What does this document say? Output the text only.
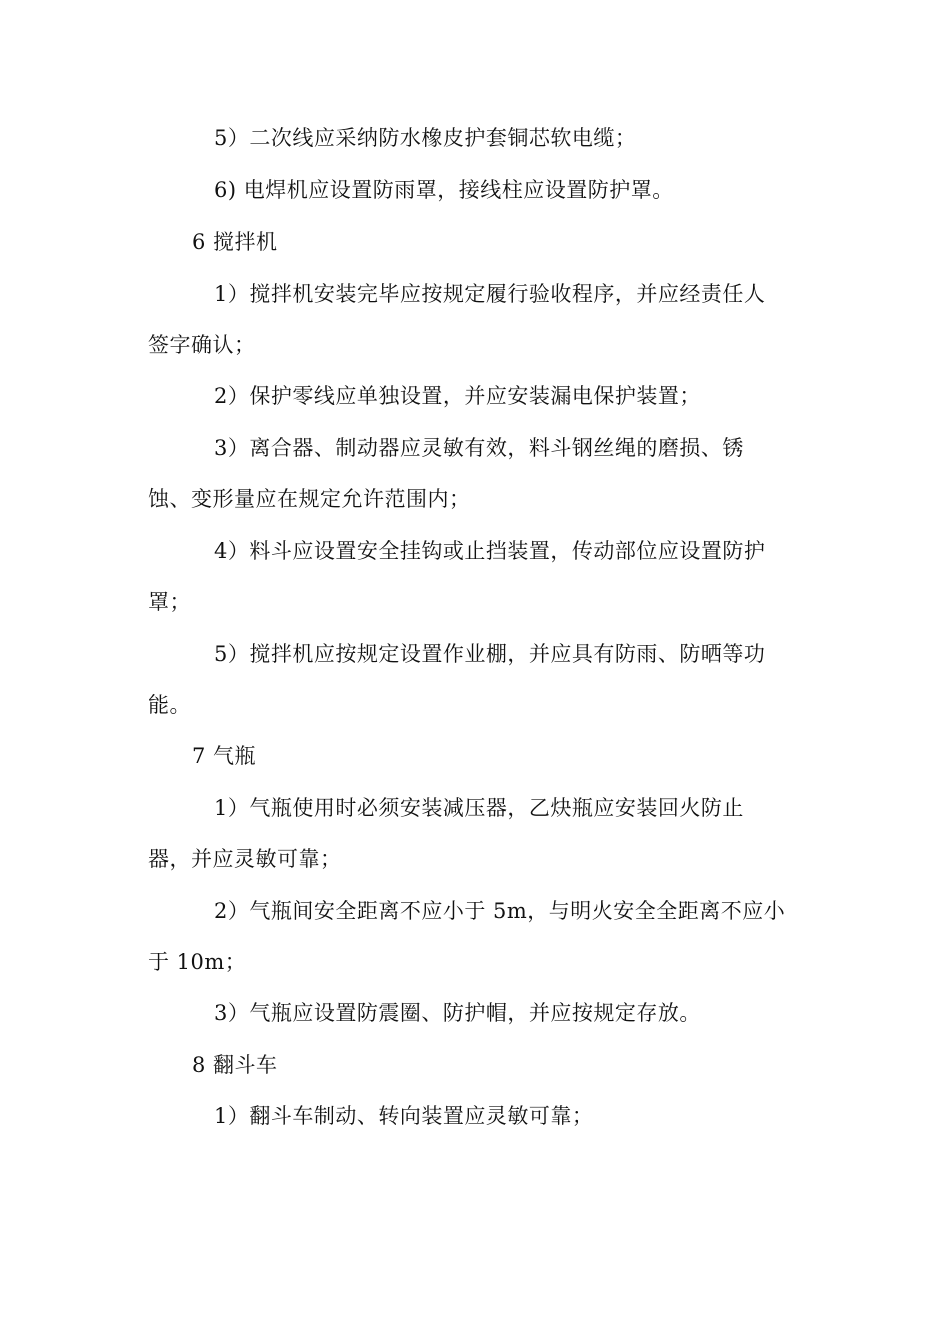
5）二次线应采纳防水橡皮护套铜芯软电缆；
6) 电焊机应设置防雨罩，接线柱应设置防护罩。
6 搅拌机
1）搅拌机安装完毕应按规定履行验收程序，并应经责任人
签字确认；
2）保护零线应单独设置，并应安装漏电保护装置；
3）离合器、制动器应灵敏有效，料斗钢丝绳的磨损、锈
蚀、变形量应在规定允许范围内；
4）料斗应设置安全挂钩或止挡装置，传动部位应设置防护
罩；
5）搅拌机应按规定设置作业棚，并应具有防雨、防晒等功
能。
7 气瓶
1）气瓶使用时必须安装减压器，乙炔瓶应安装回火防止
器，并应灵敏可靠；
2）气瓶间安全距离不应小于 5m，与明火安全全距离不应小
于 10m；
3）气瓶应设置防震圈、防护帽，并应按规定存放。
8 翻斗车
1）翻斗车制动、转向装置应灵敏可靠；
